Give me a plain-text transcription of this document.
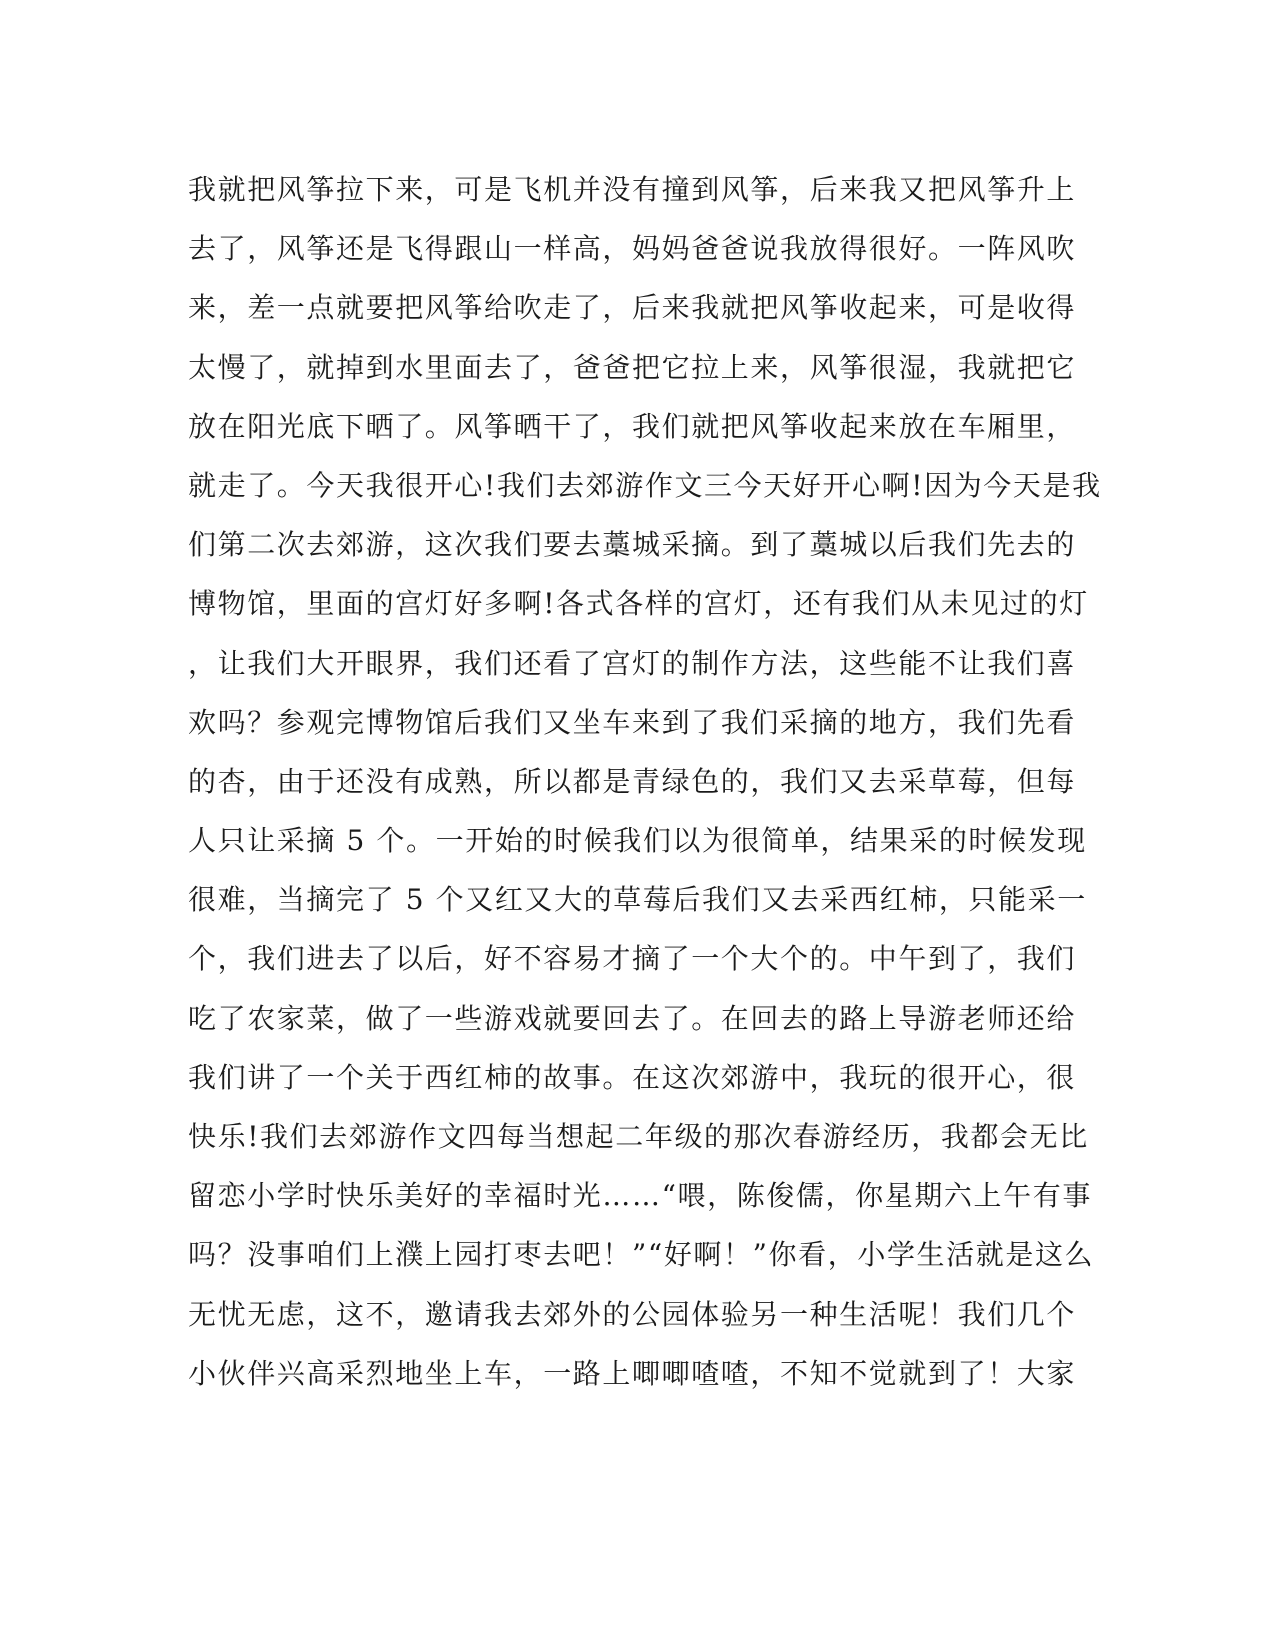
我就把风筝拉下来，可是飞机并没有撞到风筝，后来我又把风筝升上
去了，风筝还是飞得跟山一样高，妈妈爸爸说我放得很好。一阵风吹
来，差一点就要把风筝给吹走了，后来我就把风筝收起来，可是收得
太慢了，就掉到水里面去了，爸爸把它拉上来，风筝很湿，我就把它
放在阳光底下晒了。风筝晒干了，我们就把风筝收起来放在车厢里，
就走了。今天我很开心!我们去郊游作文三今天好开心啊!因为今天是我
们第二次去郊游，这次我们要去藁城采摘。到了藁城以后我们先去的
博物馆，里面的宫灯好多啊!各式各样的宫灯，还有我们从未见过的灯
，让我们大开眼界，我们还看了宫灯的制作方法，这些能不让我们喜
欢吗？参观完博物馆后我们又坐车来到了我们采摘的地方，我们先看
的杏，由于还没有成熟，所以都是青绿色的，我们又去采草莓，但每
人只让采摘 5 个。一开始的时候我们以为很简单，结果采的时候发现
很难，当摘完了 5 个又红又大的草莓后我们又去采西红柿，只能采一
个，我们进去了以后，好不容易才摘了一个大个的。中午到了，我们
吃了农家菜，做了一些游戏就要回去了。在回去的路上导游老师还给
我们讲了一个关于西红柿的故事。在这次郊游中，我玩的很开心，很
快乐!我们去郊游作文四每当想起二年级的那次春游经历，我都会无比
留恋小学时快乐美好的幸福时光……“喂，陈俊儒，你星期六上午有事
吗？没事咱们上濮上园打枣去吧！”“好啊！”你看，小学生活就是这么
无忧无虑，这不，邀请我去郊外的公园体验另一种生活呢！我们几个
小伙伴兴高采烈地坐上车，一路上唧唧喳喳，不知不觉就到了！大家
